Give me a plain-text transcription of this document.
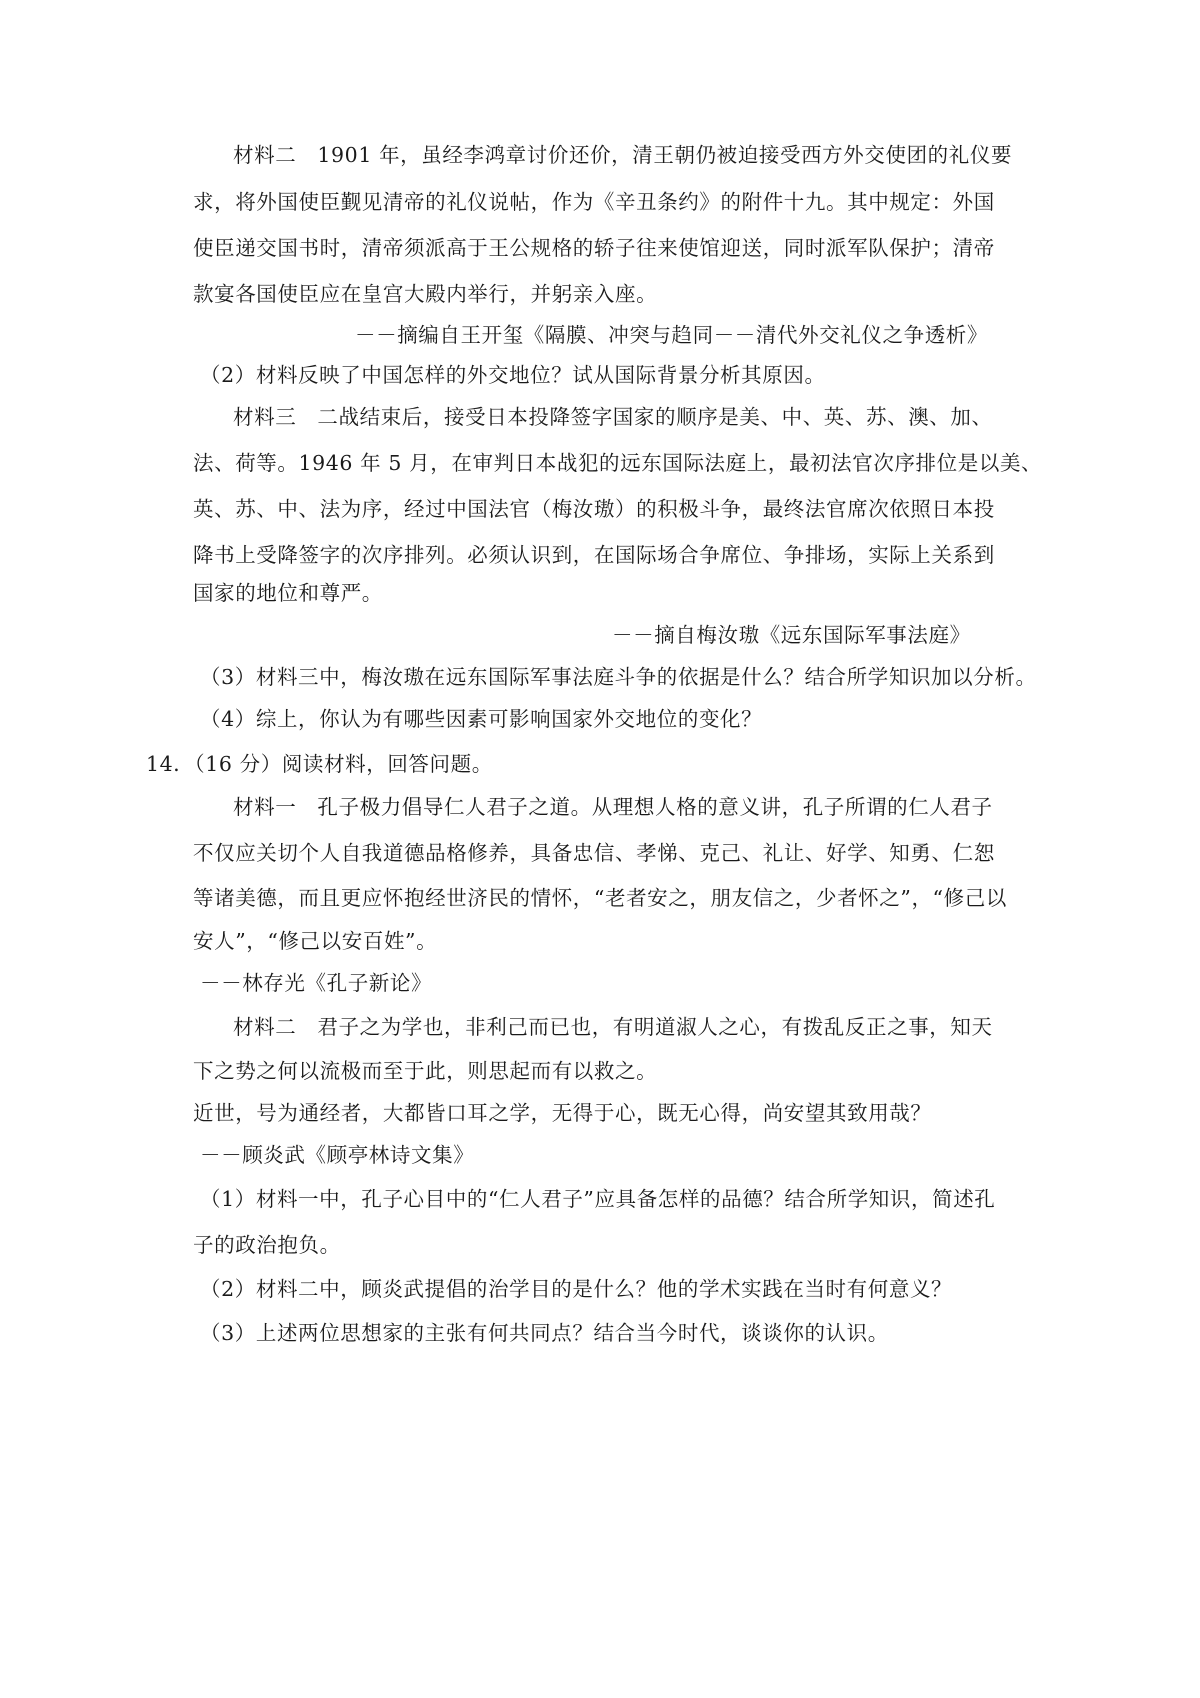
材料二　1901 年，虽经李鸿章讨价还价，清王朝仍被迫接受西方外交使团的礼仪要
求，将外国使臣觐见清帝的礼仪说帖，作为《辛丑条约》的附件十九。其中规定：外国
使臣递交国书时，清帝须派高于王公规格的轿子往来使馆迎送，同时派军队保护；清帝
款宴各国使臣应在皇宫大殿内举行，并躬亲入座。
－－摘编自王开玺《隔膜、冲突与趋同－－清代外交礼仪之争透析》
（2）材料反映了中国怎样的外交地位？试从国际背景分析其原因。
材料三　二战结束后，接受日本投降签字国家的顺序是美、中、英、苏、澳、加、
法、荷等。1946 年 5 月，在审判日本战犯的远东国际法庭上，最初法官次序排位是以美、
英、苏、中、法为序，经过中国法官（梅汝璈）的积极斗争，最终法官席次依照日本投
降书上受降签字的次序排列。必须认识到，在国际场合争席位、争排场，实际上关系到
国家的地位和尊严。
－－摘自梅汝璈《远东国际军事法庭》
（3）材料三中，梅汝璈在远东国际军事法庭斗争的依据是什么？结合所学知识加以分析。
（4）综上，你认为有哪些因素可影响国家外交地位的变化？
14．（16 分）阅读材料，回答问题。
材料一　孔子极力倡导仁人君子之道。从理想人格的意义讲，孔子所谓的仁人君子
不仅应关切个人自我道德品格修养，具备忠信、孝悌、克己、礼让、好学、知勇、仁恕
等诸美德，而且更应怀抱经世济民的情怀，“老者安之，朋友信之，少者怀之”，“修己以
安人”，“修己以安百姓”。
－－林存光《孔子新论》
材料二　君子之为学也，非利己而已也，有明道淑人之心，有拨乱反正之事，知天
下之势之何以流极而至于此，则思起而有以救之。
近世，号为通经者，大都皆口耳之学，无得于心，既无心得，尚安望其致用哉？
－－顾炎武《顾亭林诗文集》
（1）材料一中，孔子心目中的“仁人君子”应具备怎样的品德？结合所学知识，简述孔
子的政治抱负。
（2）材料二中，顾炎武提倡的治学目的是什么？他的学术实践在当时有何意义？
（3）上述两位思想家的主张有何共同点？结合当今时代，谈谈你的认识。
